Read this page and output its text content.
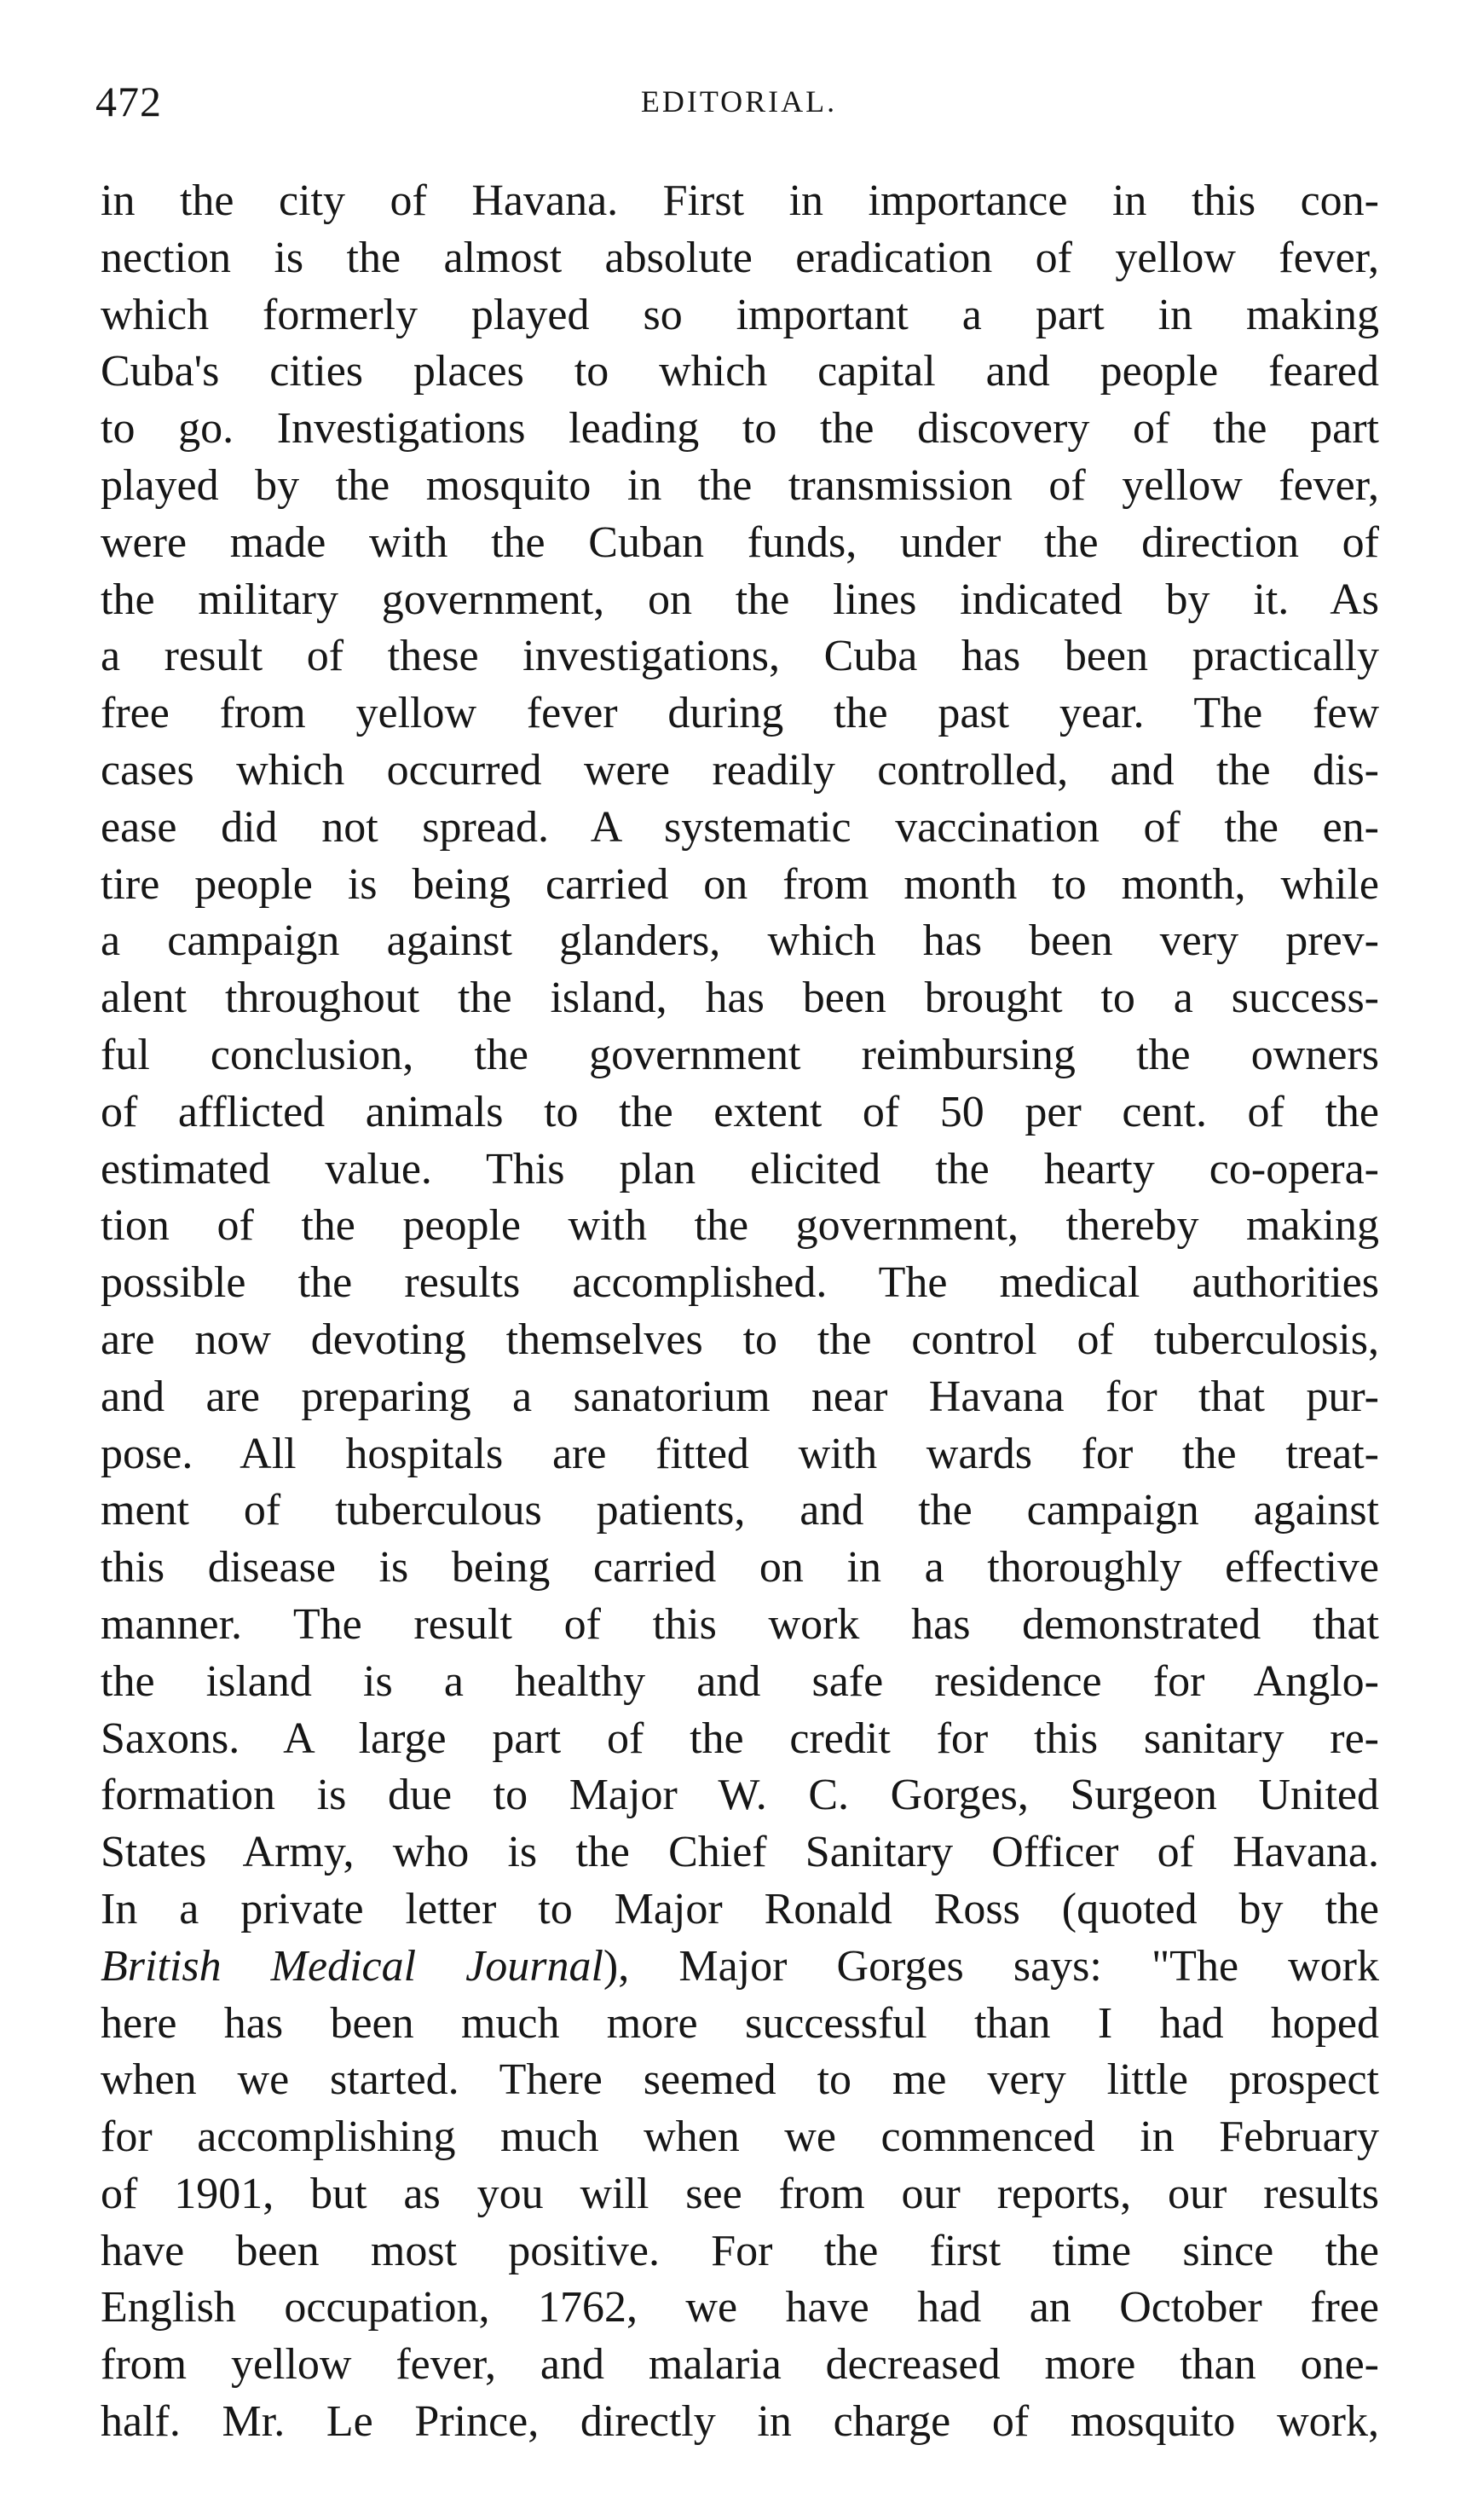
472	EDITORIAL.
in the city of Havana. First in importance in this con-
nection is the almost absolute eradication of yellow fever,
which formerly played so important a part in making
Cuba's cities places to which capital and people feared
to go. Investigations leading to the discovery of the part
played by the mosquito in the transmission of yellow fever,
were made with the Cuban funds, under the direction of
the military government, on the lines indicated by it. As
a result of these investigations, Cuba has been practically
free from yellow fever during the past year. The few
cases which occurred were readily controlled, and the dis-
ease did not spread. A systematic vaccination of the en-
tire people is being carried on from month to month, while
a campaign against glanders, which has been very prev-
alent throughout the island, has been brought to a success-
ful conclusion, the government reimbursing the owners
of afflicted animals to the extent of 50 per cent. of the
estimated value. This plan elicited the hearty co-opera-
tion of the people with the government, thereby making
possible the results accomplished. The medical authorities
are now devoting themselves to the control of tuberculosis,
and are preparing a sanatorium near Havana for that pur-
pose. All hospitals are fitted with wards for the treat-
ment of tuberculous patients, and the campaign against
this disease is being carried on in a thoroughly effective
manner. The result of this work has demonstrated that
the island is a healthy and safe residence for Anglo-
Saxons. A large part of the credit for this sanitary re-
formation is due to Major W. C. Gorges, Surgeon United
States Army, who is the Chief Sanitary Officer of Havana.
In a private letter to Major Ronald Ross (quoted by the
British Medical Journal), Major Gorges says: "The work
here has been much more successful than I had hoped
when we started. There seemed to me very little prospect
for accomplishing much when we commenced in February
of 1901, but as you will see from our reports, our results
have been most positive. For the first time since the
English occupation, 1762, we have had an October free
from yellow fever, and malaria decreased more than one-
half. Mr. Le Prince, directly in charge of mosquito work,
